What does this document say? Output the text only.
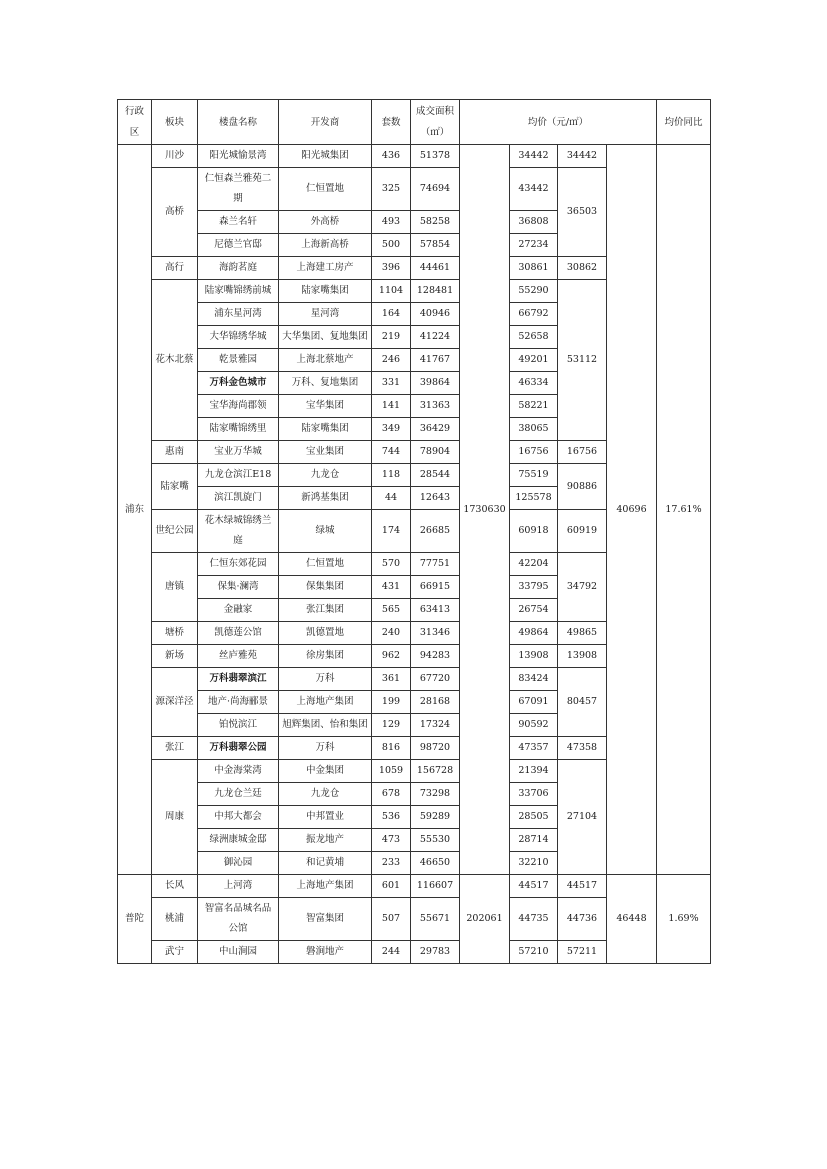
行政区	板块	楼盘名称	开发商	套数	成交面积（㎡）	均价（元/㎡）				均价同比
浦东	川沙	阳光城愉景湾	阳光城集团	436	51378	1730630	34442	34442	40696	17.61%
	高桥	仁恒森兰雅苑二期	仁恒置地	325	74694		43442	36503		
		森兰名轩	外高桥	493	58258		36808			
		尼德兰官邸	上海新高桥	500	57854		27234			
	高行	海韵茗庭	上海建工房产	396	44461		30861	30862		
	花木北蔡	陆家嘴锦绣前城	陆家嘴集团	1104	128481		55290	53112		
		浦东星河湾	星河湾	164	40946		66792			
		大华锦绣华城	大华集团、复地集团	219	41224		52658			
		乾景雅园	上海北蔡地产	246	41767		49201			
		万科金色城市	万科、复地集团	331	39864		46334			
		宝华海尚郡领	宝华集团	141	31363		58221			
		陆家嘴锦绣里	陆家嘴集团	349	36429		38065			
	惠南	宝业万华城	宝业集团	744	78904		16756	16756		
	陆家嘴	九龙仓滨江E18	九龙仓	118	28544		75519	90886		
		滨江凯旋门	新鸿基集团	44	12643		125578			
	世纪公园	花木绿城锦绣兰庭	绿城	174	26685		60918	60919		
	唐镇	仁恒东郊花园	仁恒置地	570	77751		42204	34792		
		保集·澜湾	保集集团	431	66915		33795			
		金融家	张江集团	565	63413		26754			
	塘桥	凯德莲公馆	凯德置地	240	31346		49864	49865		
	新场	丝庐雅苑	徐房集团	962	94283		13908	13908		
	源深洋泾	万科翡翠滨江	万科	361	67720		83424	80457		
		地产·尚海郦景	上海地产集团	199	28168		67091			
		铂悦滨江	旭辉集团、怡和集团	129	17324		90592			
	张江	万科翡翠公园	万科	816	98720		47357	47358		
	周康	中金海棠湾	中金集团	1059	156728		21394	27104		
		九龙仓兰廷	九龙仓	678	73298		33706			
		中邦大都会	中邦置业	536	59289		28505			
		绿洲康城金邸	振龙地产	473	55530		28714			
		御沁园	和记黄埔	233	46650		32210			
普陀	长风	上河湾	上海地产集团	601	116607	202061	44517	44517	46448	1.69%
	桃浦	智富名品城名品公馆	智富集团	507	55671		44735	44736		
	武宁	中山涧园	磐涧地产	244	29783		57210	57211		
